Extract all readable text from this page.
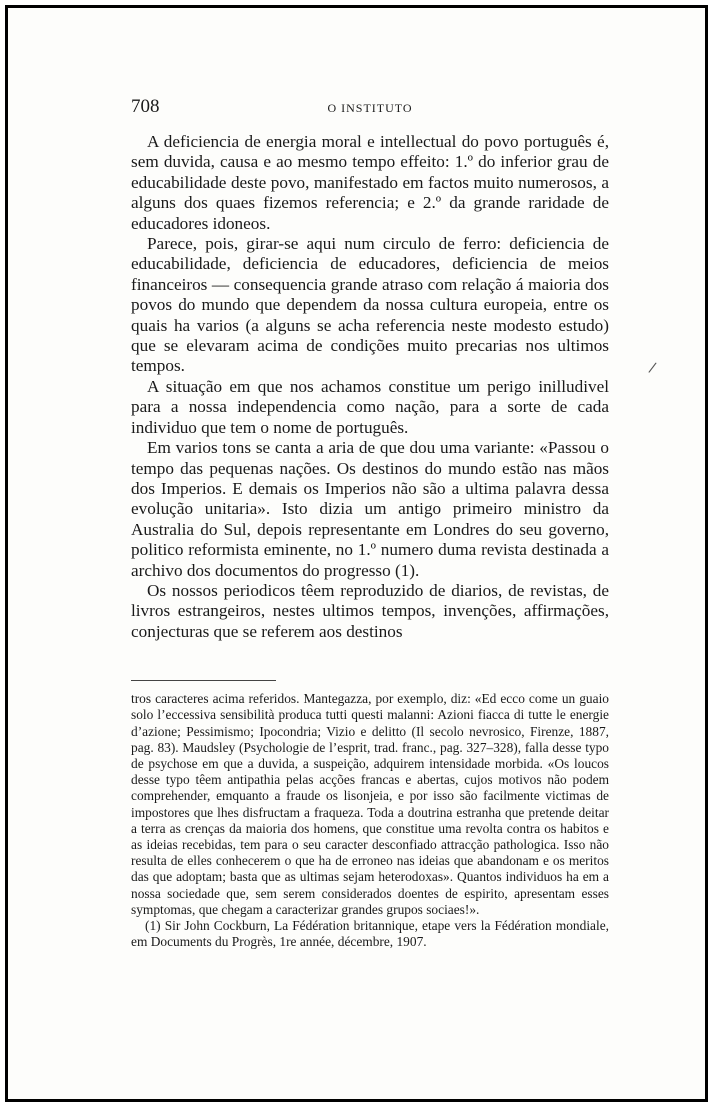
/
708	O INSTITUTO

A deficiencia de energia moral e intellectual do povo português é, sem duvida, causa e ao mesmo tempo effeito: 1.º do inferior grau de educabilidade deste povo, manifestado em factos muito numerosos, a alguns dos quaes fizemos referencia; e 2.º da grande raridade de educadores idoneos.

Parece, pois, girar-se aqui num circulo de ferro: deficiencia de educabilidade, deficiencia de educadores, deficiencia de meios financeiros — consequencia grande atraso com relação á maioria dos povos do mundo que dependem da nossa cultura europeia, entre os quais ha varios (a alguns se acha referencia neste modesto estudo) que se elevaram acima de condições muito precarias nos ultimos tempos.

A situação em que nos achamos constitue um perigo inilludivel para a nossa independencia como nação, para a sorte de cada individuo que tem o nome de português.

Em varios tons se canta a aria de que dou uma variante: «Passou o tempo das pequenas nações. Os destinos do mundo estão nas mãos dos Imperios. E demais os Imperios não são a ultima palavra dessa evolução unitaria». Isto dizia um antigo primeiro ministro da Australia do Sul, depois representante em Londres do seu governo, politico reformista eminente, no 1.º numero duma revista destinada a archivo dos documentos do progresso (1).

Os nossos periodicos têem reproduzido de diarios, de revistas, de livros estrangeiros, nestes ultimos tempos, invenções, affirmações, conjecturas que se referem aos destinos

tros caracteres acima referidos. Mantegazza, por exemplo, diz: «Ed ecco come un guaio solo l’eccessiva sensibilità produca tutti questi malanni: Azioni fiacca di tutte le energie d’azione; Pessimismo; Ipocondria; Vizio e delitto (Il secolo nevrosico, Firenze, 1887, pag. 83). Maudsley (Psychologie de l’esprit, trad. franc., pag. 327–328), falla desse typo de psychose em que a duvida, a suspeição, adquirem intensidade morbida. «Os loucos desse typo têem antipathia pelas acções francas e abertas, cujos motivos não podem comprehender, emquanto a fraude os lisonjeia, e por isso são facilmente victimas de impostores que lhes disfructam a fraqueza. Toda a doutrina estranha que pretende deitar a terra as crenças da maioria dos homens, que constitue uma revolta contra os habitos e as ideias recebidas, tem para o seu caracter desconfiado attracção pathologica. Isso não resulta de elles conhecerem o que ha de erroneo nas ideias que abandonam e os meritos das que adoptam; basta que as ultimas sejam heterodoxas». Quantos individuos ha em a nossa sociedade que, sem serem considerados doentes de espirito, apresentam esses symptomas, que chegam a caracterizar grandes grupos sociaes!».

(1) Sir John Cockburn, La Fédération britannique, etape vers la Fédération mondiale, em Documents du Progrès, 1re année, décembre, 1907.
